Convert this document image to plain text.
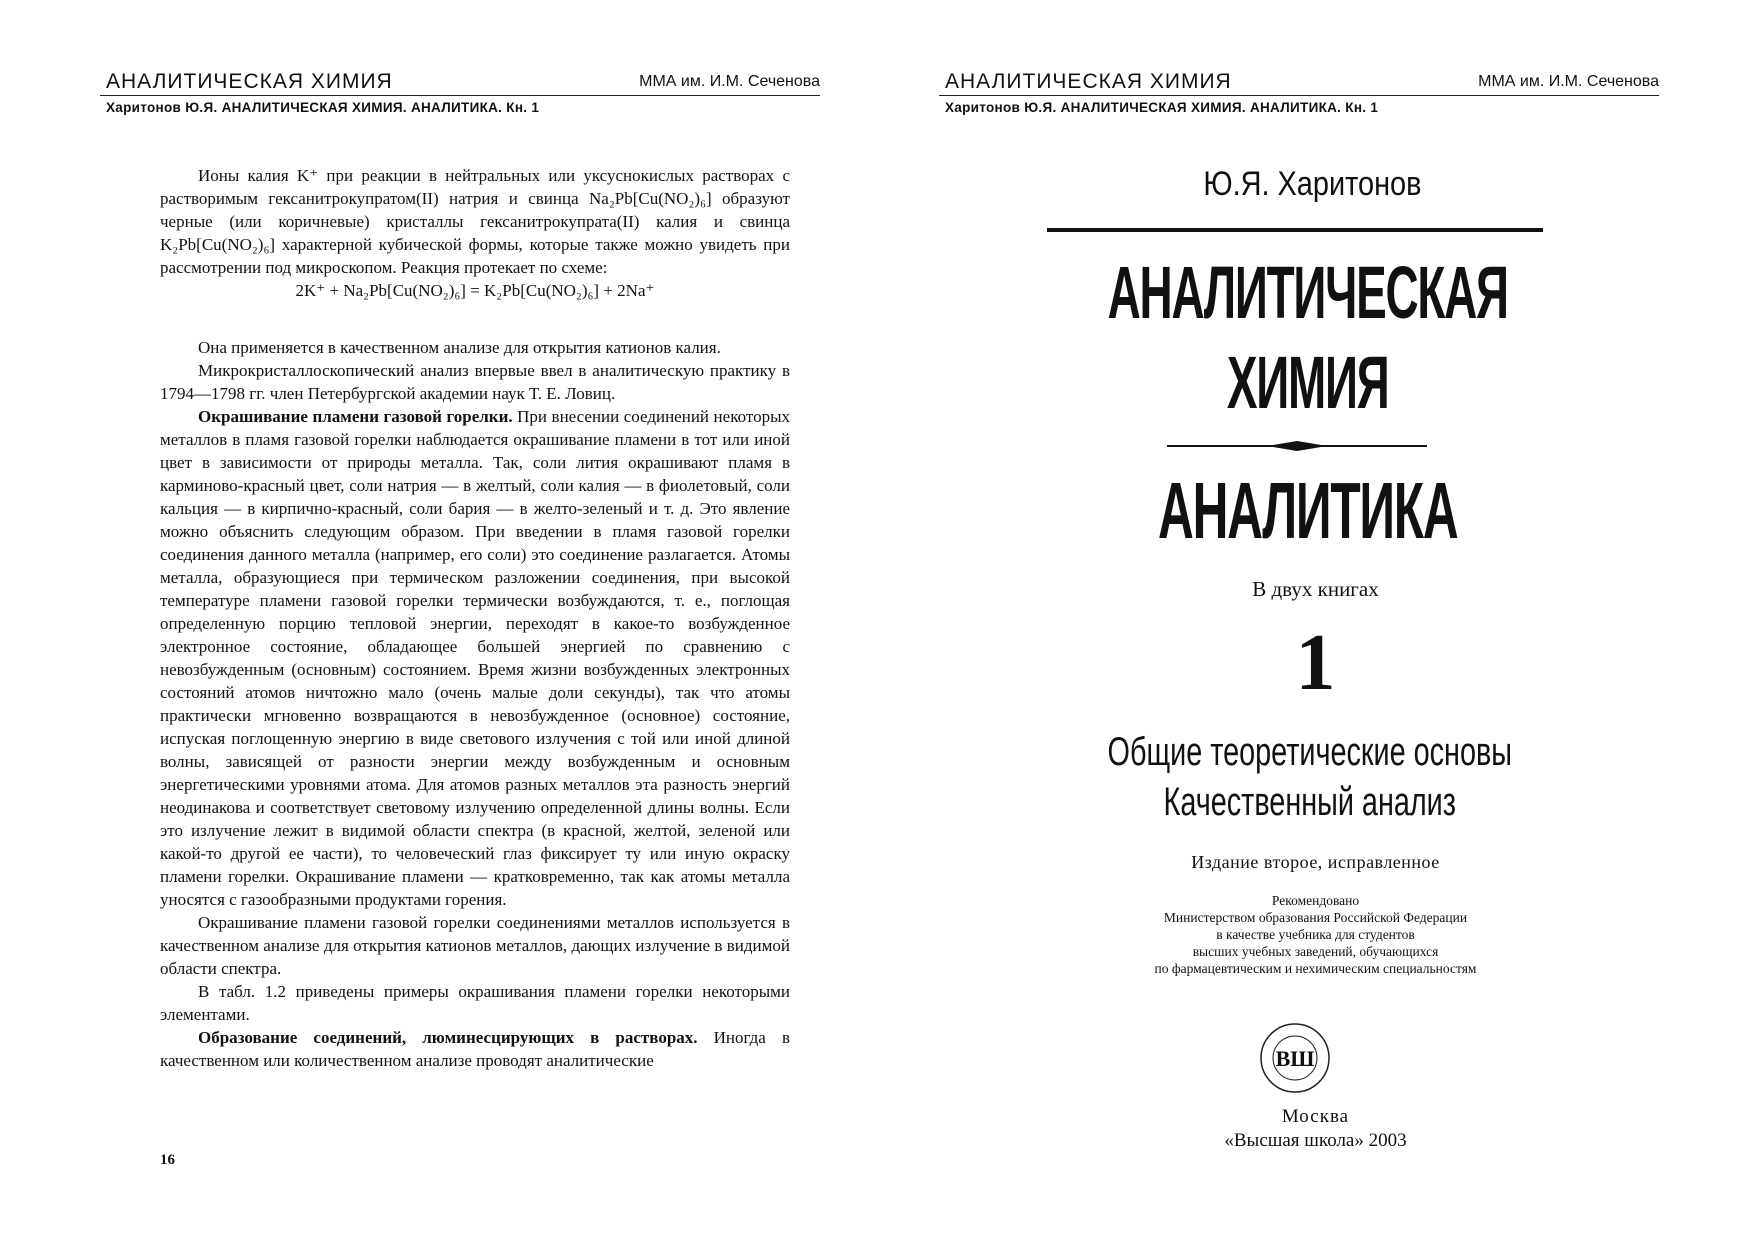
АНАЛИТИЧЕСКАЯ ХИМИЯ	ММА им. И.М. Сеченова
Харитонов Ю.Я. АНАЛИТИЧЕСКАЯ ХИМИЯ. АНАЛИТИКА. Кн. 1

Ионы калия K⁺ при реакции в нейтральных или уксуснокислых растворах с растворимым гексанитрокупратом(II) натрия и свинца Na₂Pb[Cu(NO₂)₆] образуют черные (или коричневые) кристаллы гексанитрокупрата(II) калия и свинца K₂Pb[Cu(NO₂)₆] характерной кубической формы, которые также можно увидеть при рассмотрении под микроскопом. Реакция протекает по схеме:

2K⁺ + Na₂Pb[Cu(NO₂)₆] = K₂Pb[Cu(NO₂)₆] + 2Na⁺

Она применяется в качественном анализе для открытия катионов калия.

Микрокристаллоскопический анализ впервые ввел в аналитическую практику в 1794—1798 гг. член Петербургской академии наук Т. Е. Ловиц.

Окрашивание пламени газовой горелки. При внесении соединений некоторых металлов в пламя газовой горелки наблюдается окрашивание пламени в тот или иной цвет в зависимости от природы металла. Так, соли лития окрашивают пламя в карминово-красный цвет, соли натрия — в желтый, соли калия — в фиолетовый, соли кальция — в кирпично-красный, соли бария — в желто-зеленый и т. д. Это явление можно объяснить следующим образом. При введении в пламя газовой горелки соединения данного металла (например, его соли) это соединение разлагается. Атомы металла, образующиеся при термическом разложении соединения, при высокой температуре пламени газовой горелки термически возбуждаются, т. е., поглощая определенную порцию тепловой энергии, переходят в какое-то возбужденное электронное состояние, обладающее большей энергией по сравнению с невозбужденным (основным) состоянием. Время жизни возбужденных электронных состояний атомов ничтожно мало (очень малые доли секунды), так что атомы практически мгновенно возвращаются в невозбужденное (основное) состояние, испуская поглощенную энергию в виде светового излучения с той или иной длиной волны, зависящей от разности энергии между возбужденным и основным энергетическими уровнями атома. Для атомов разных металлов эта разность энергий неодинакова и соответствует световому излучению определенной длины волны. Если это излучение лежит в видимой области спектра (в красной, желтой, зеленой или какой-то другой ее части), то человеческий глаз фиксирует ту или иную окраску пламени горелки. Окрашивание пламени — кратковременно, так как атомы металла уносятся с газообразными продуктами горения.

Окрашивание пламени газовой горелки соединениями металлов используется в качественном анализе для открытия катионов металлов, дающих излучение в видимой области спектра.

В табл. 1.2 приведены примеры окрашивания пламени горелки некоторыми элементами.

Образование соединений, люминесцирующих в растворах. Иногда в качественном или количественном анализе проводят аналитические

16
АНАЛИТИЧЕСКАЯ ХИМИЯ	ММА им. И.М. Сеченова
Харитонов Ю.Я. АНАЛИТИЧЕСКАЯ ХИМИЯ. АНАЛИТИКА. Кн. 1
Ю.Я. Харитонов
АНАЛИТИЧЕСКАЯ
ХИМИЯ
АНАЛИТИКА
В двух книгах
1
Общие теоретические основы
Качественный анализ
Издание второе, исправленное
Рекомендовано
Министерством образования Российской Федерации
в качестве учебника для студентов
высших учебных заведений, обучающихся
по фармацевтическим и нехимическим специальностям
ВШ
Москва
«Высшая школа» 2003
